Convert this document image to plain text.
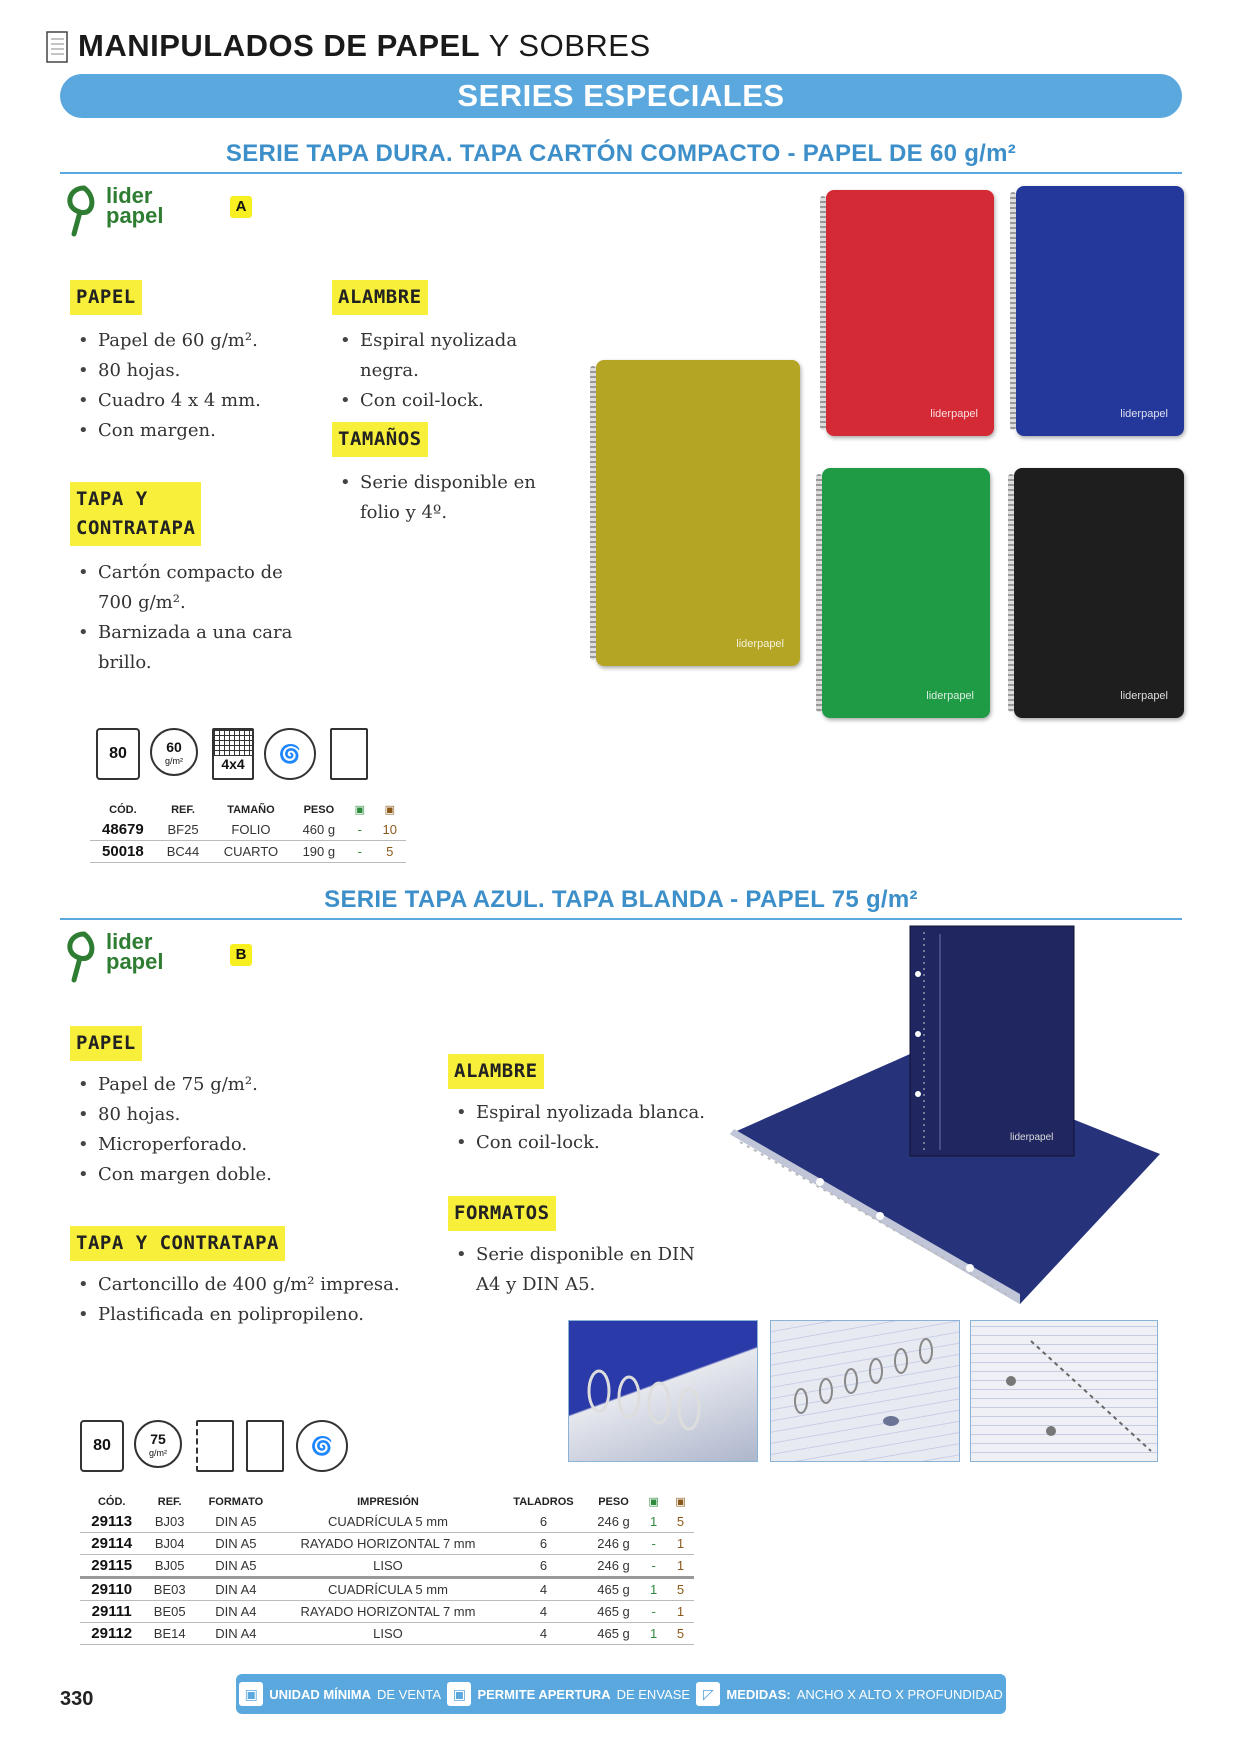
MANIPULADOS DE PAPEL Y SOBRES
SERIES ESPECIALES
SERIE TAPA DURA. TAPA CARTÓN COMPACTO - PAPEL DE 60 g/m²
lider
papel	A
PAPEL
• Papel de 60 g/m².
• 80 hojas.
• Cuadro 4 x 4 mm.
• Con margen.
TAPA Y
CONTRATAPA
• Cartón compacto de 700 g/m².
• Barnizada a una cara brillo.
ALAMBRE
• Espiral nyolizada negra.
• Con coil-lock.
TAMAÑOS
• Serie disponible en folio y 4º.
liderpapel
liderpapel	liderpapel
liderpapel	liderpapel
80	60
g/m²	4x4	🌀
CÓD.	REF.	TAMAÑO	PESO	▣	▣
48679	BF25	FOLIO	460 g	-	10
50018	BC44	CUARTO	190 g	-	5
SERIE TAPA AZUL. TAPA BLANDA - PAPEL 75 g/m²
lider
papel	B
PAPEL
• Papel de 75 g/m².
• 80 hojas.
• Microperforado.
• Con margen doble.
TAPA Y CONTRATAPA
• Cartoncillo de 400 g/m² impresa.
• Plastificada en polipropileno.
ALAMBRE
• Espiral nyolizada blanca.
• Con coil-lock.
FORMATOS
• Serie disponible en DIN A4 y DIN A5.
liderpapel
80	75
g/m²	🌀
CÓD.	REF.	FORMATO	IMPRESIÓN	TALADROS	PESO	▣	▣
29113	BJ03	DIN A5	CUADRÍCULA 5 mm	6	246 g	1	5
29114	BJ04	DIN A5	RAYADO HORIZONTAL 7 mm	6	246 g	-	1
29115	BJ05	DIN A5	LISO	6	246 g	-	1
29110	BE03	DIN A4	CUADRÍCULA 5 mm	4	465 g	1	5
29111	BE05	DIN A4	RAYADO HORIZONTAL 7 mm	4	465 g	-	1
29112	BE14	DIN A4	LISO	4	465 g	1	5
330	▣ UNIDAD MÍNIMA DE VENTA ▣ PERMITE APERTURA DE ENVASE ◸ MEDIDAS: ANCHO X ALTO X PROFUNDIDAD
